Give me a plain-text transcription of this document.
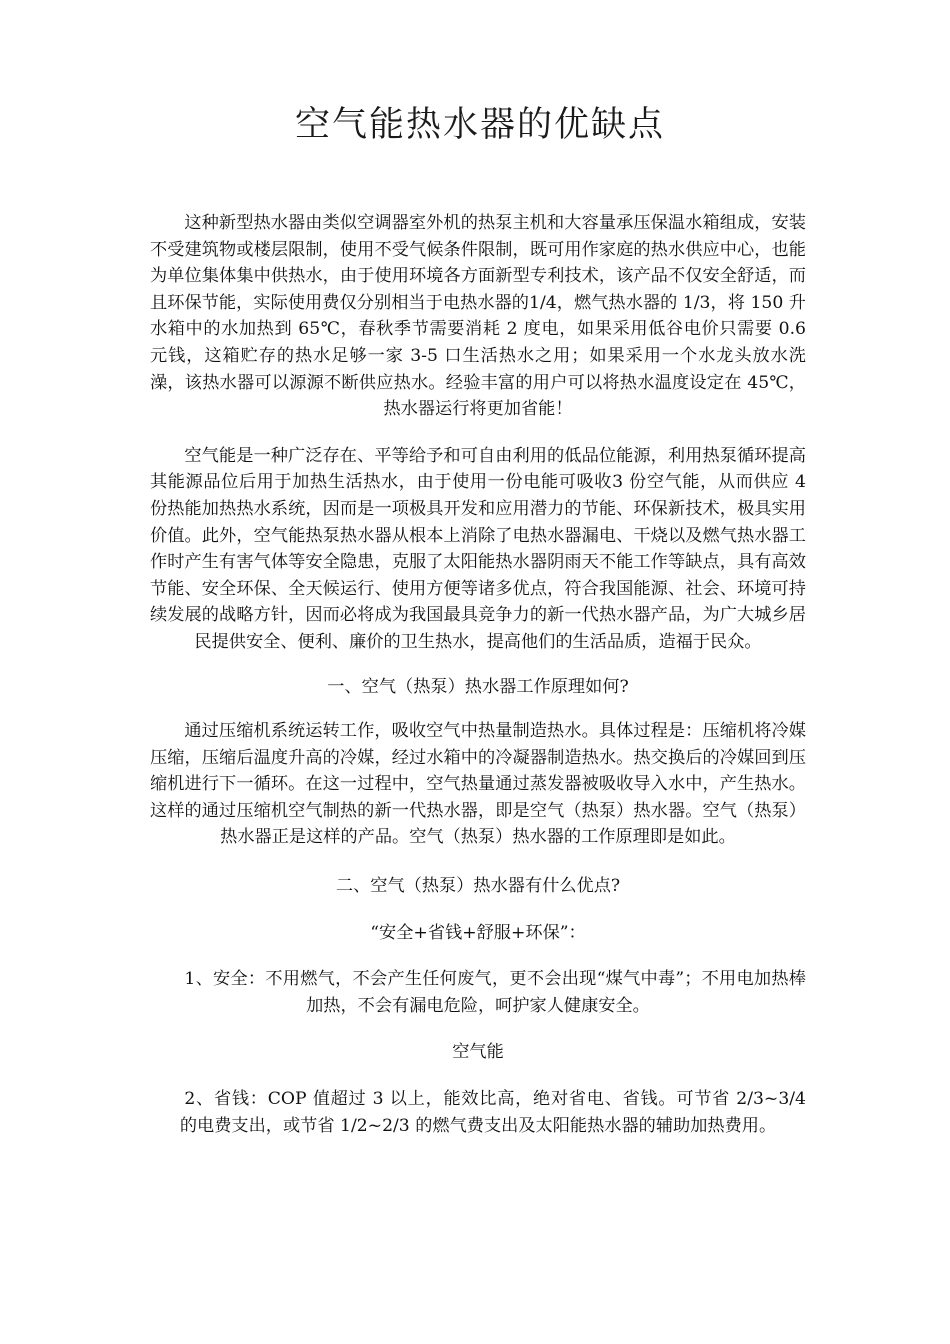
空气能热水器的优缺点

这种新型热水器由类似空调器室外机的热泵主机和大容量承压保温水箱组成，安装不受建筑物或楼层限制，使用不受气候条件限制，既可用作家庭的热水供应中心，也能为单位集体集中供热水，由于使用环境各方面新型专利技术，该产品不仅安全舒适，而且环保节能，实际使用费仅分别相当于电热水器的1/4，燃气热水器的 1/3，将 150 升水箱中的水加热到 65℃，春秋季节需要消耗 2 度电，如果采用低谷电价只需要 0.6 元钱，这箱贮存的热水足够一家 3-5 口生活热水之用；如果采用一个水龙头放水洗澡，该热水器可以源源不断供应热水。经验丰富的用户可以将热水温度设定在 45℃，热水器运行将更加省能！

空气能是一种广泛存在、平等给予和可自由利用的低品位能源，利用热泵循环提高其能源品位后用于加热生活热水，由于使用一份电能可吸收3 份空气能，从而供应 4 份热能加热热水系统，因而是一项极具开发和应用潜力的节能、环保新技术，极具实用价值。此外，空气能热泵热水器从根本上消除了电热水器漏电、干烧以及燃气热水器工作时产生有害气体等安全隐患，克服了太阳能热水器阴雨天不能工作等缺点，具有高效节能、安全环保、全天候运行、使用方便等诸多优点，符合我国能源、社会、环境可持续发展的战略方针，因而必将成为我国最具竞争力的新一代热水器产品，为广大城乡居民提供安全、便利、廉价的卫生热水，提高他们的生活品质，造福于民众。

一、空气（热泵）热水器工作原理如何?

通过压缩机系统运转工作，吸收空气中热量制造热水。具体过程是：压缩机将冷媒压缩，压缩后温度升高的冷媒，经过水箱中的冷凝器制造热水。热交换后的冷媒回到压缩机进行下一循环。在这一过程中，空气热量通过蒸发器被吸收导入水中，产生热水。这样的通过压缩机空气制热的新一代热水器，即是空气（热泵）热水器。空气（热泵）热水器正是这样的产品。空气（热泵）热水器的工作原理即是如此。

二、空气（热泵）热水器有什么优点?

“安全+省钱+舒服+环保”：

1、安全：不用燃气，不会产生任何废气，更不会出现“煤气中毒”；不用电加热棒加热，不会有漏电危险，呵护家人健康安全。

空气能

2、省钱：COP 值超过 3 以上，能效比高，绝对省电、省钱。可节省 2/3~3/4 的电费支出，或节省 1/2~2/3 的燃气费支出及太阳能热水器的辅助加热费用。
